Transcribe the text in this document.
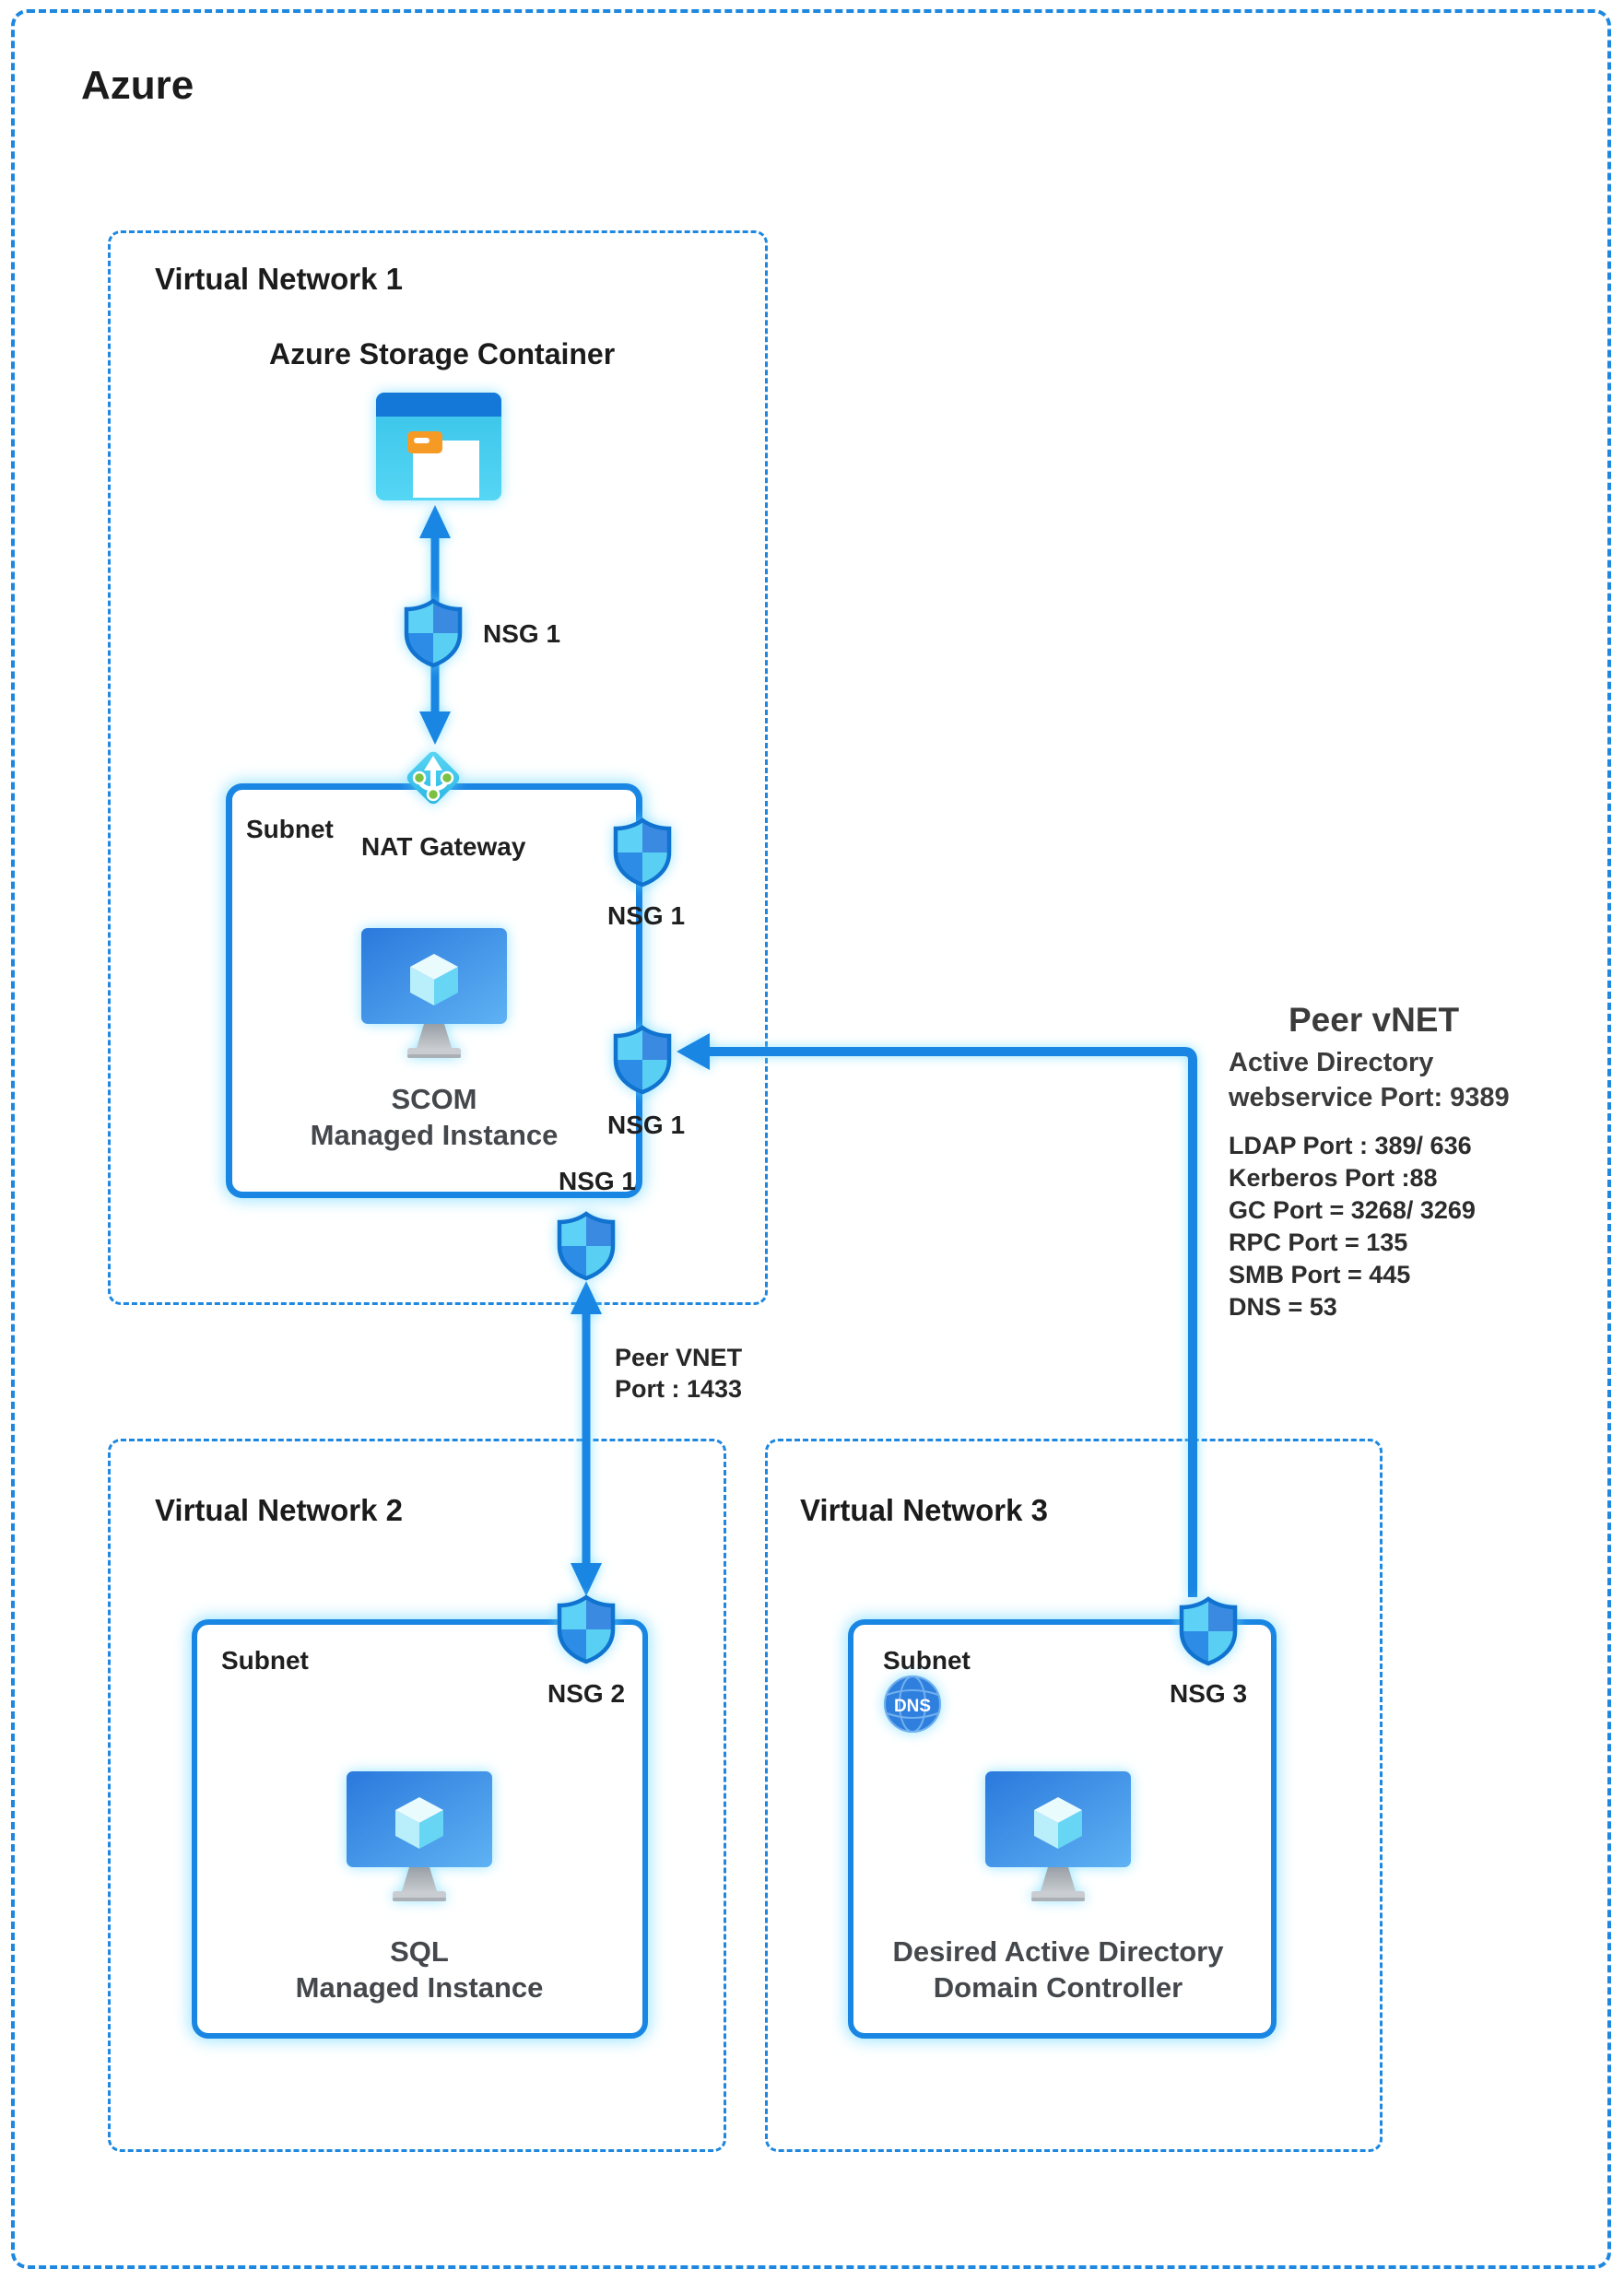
Azure
Virtual Network 1
Azure Storage Container
Subnet
NAT Gateway
Virtual Network 2
Subnet
Virtual Network 3
Subnet
NSG 1
SCOM
Managed Instance
NSG 1
NSG 1
NSG 1
Peer VNET
Port : 1433
Peer vNET
Active Directory
webservice Port: 9389
LDAP Port : 389/ 636
Kerberos Port :88
GC Port = 3268/ 3269
RPC Port = 135
SMB Port = 445
DNS = 53
NSG 2
SQL
Managed Instance
DNS	NSG 3
Desired Active Directory
Domain Controller
